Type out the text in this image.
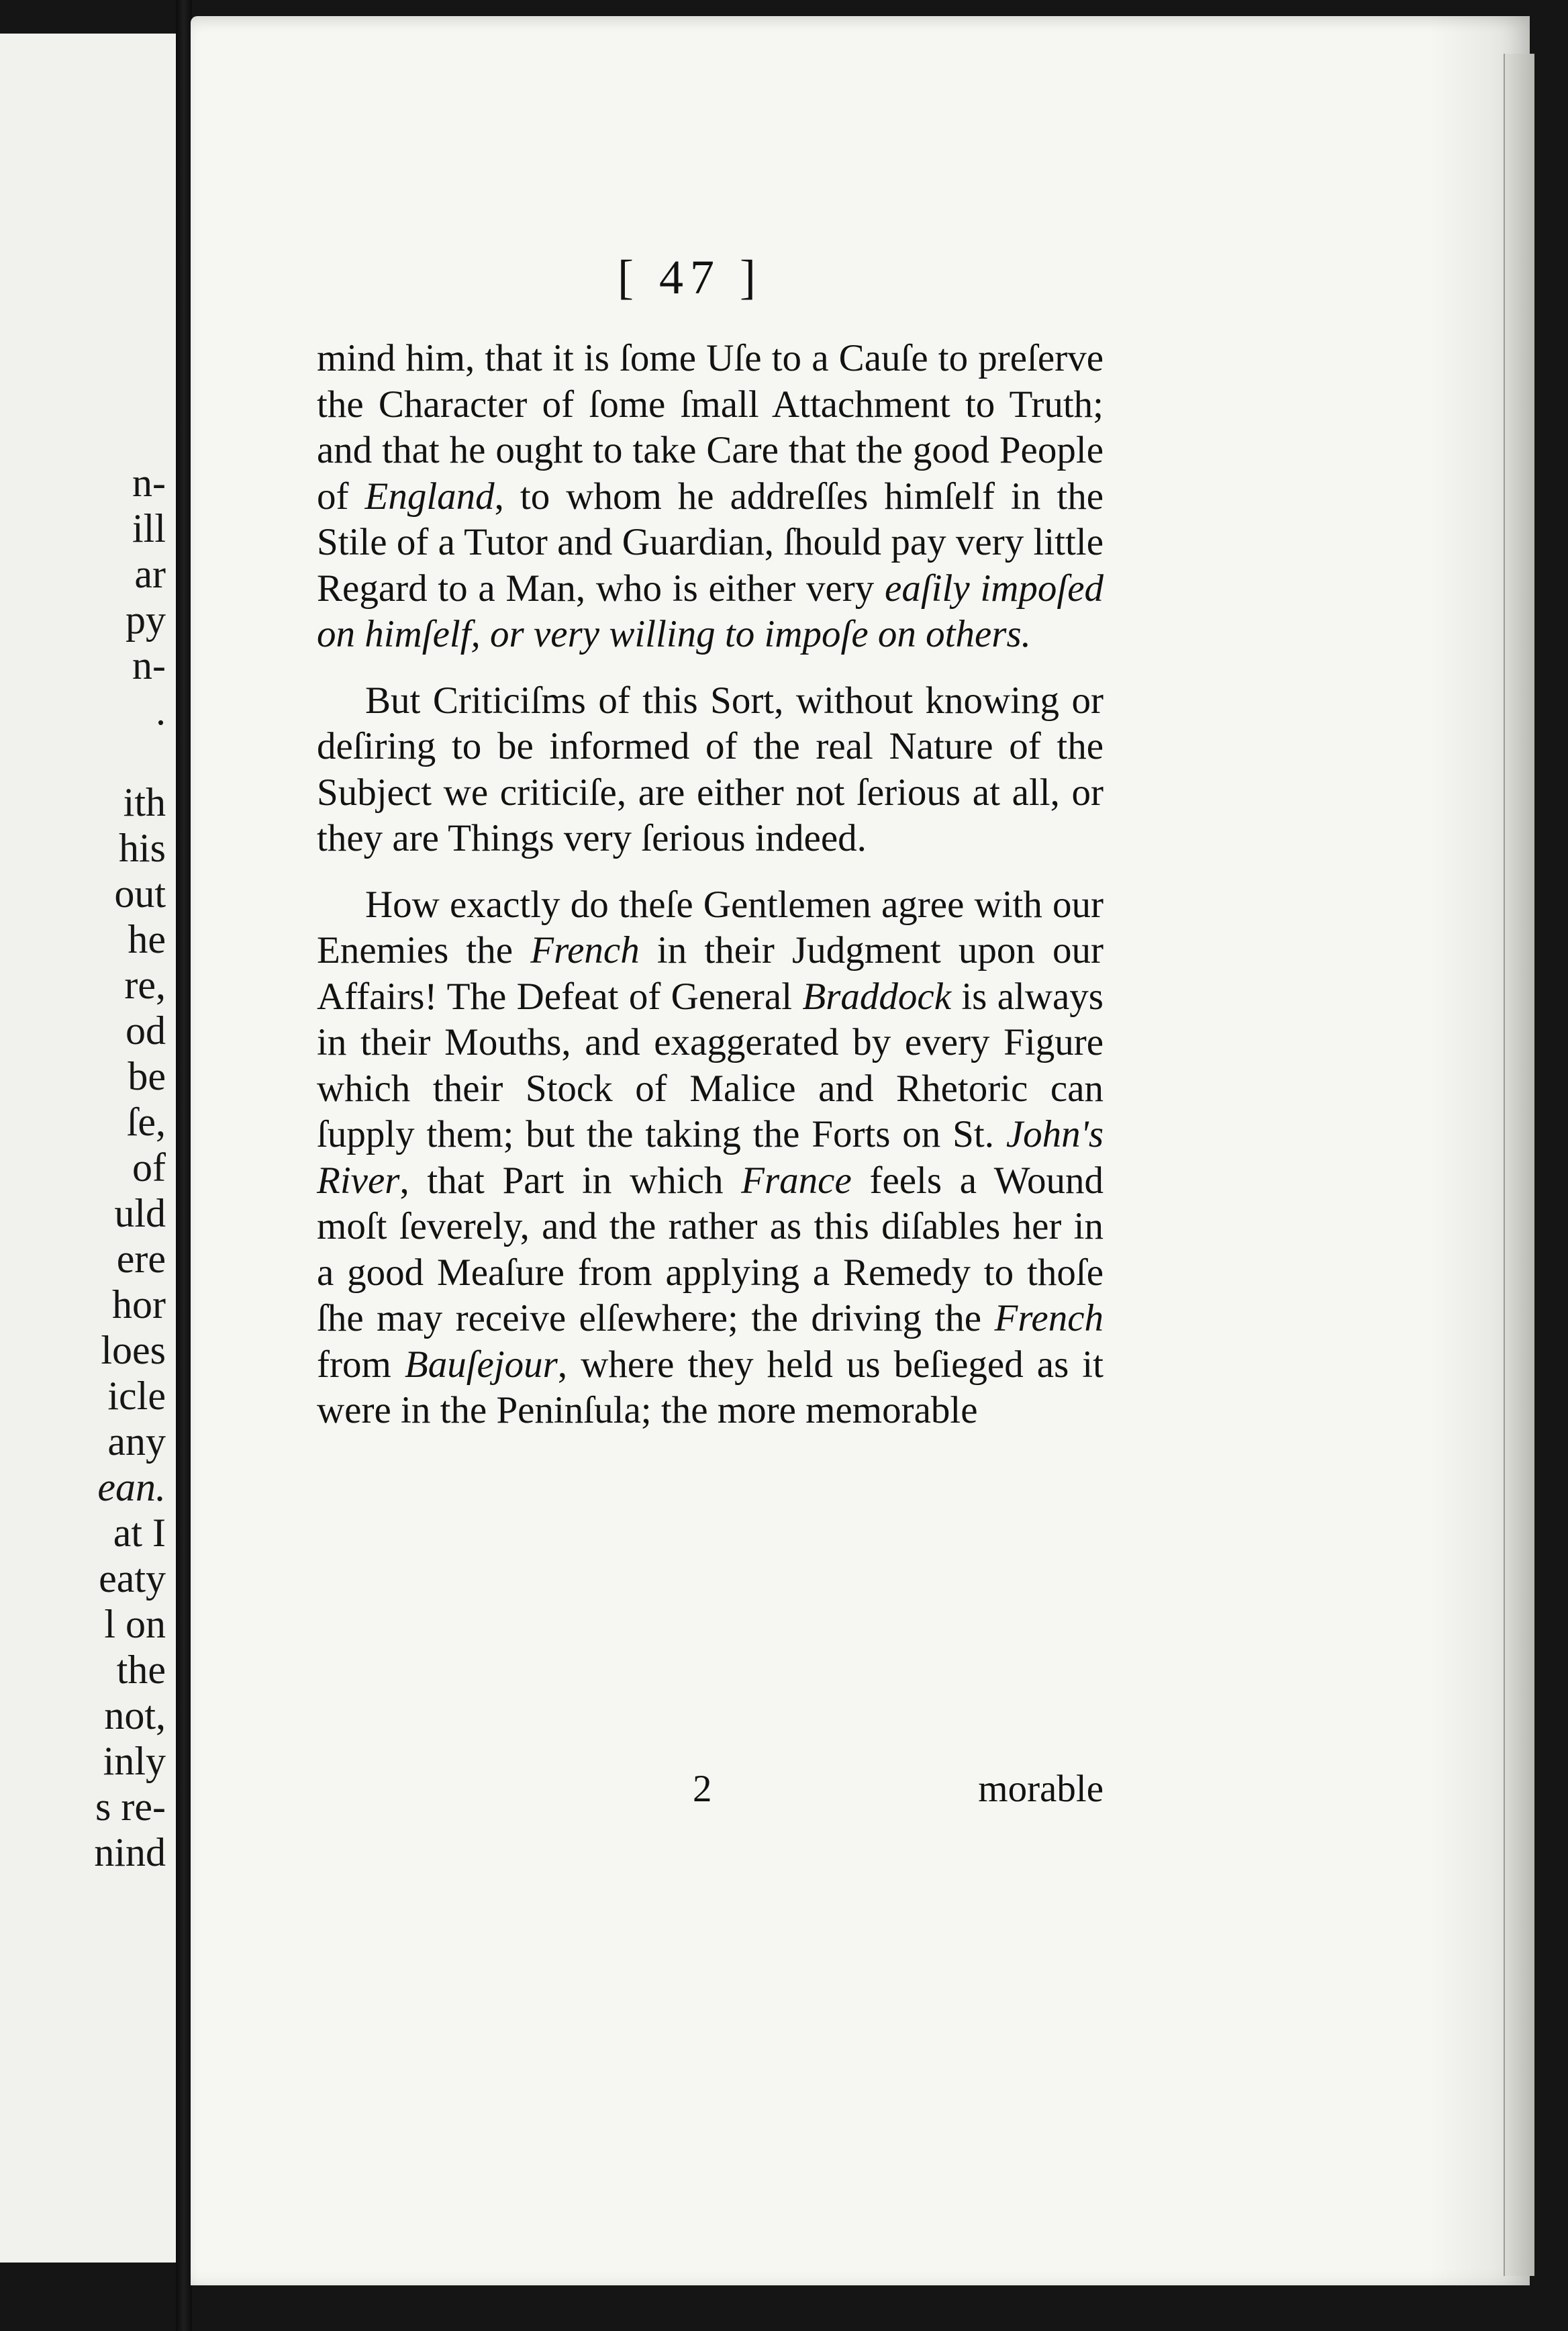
n-
ill
ar
py
n-
.
ith
his
out
he
re,
od
be
ſe,
of
uld
ere
hor
loes
icle
any
ean.
at I
eaty
l on
the
not,
inly
s re-
nind
[ 47 ]

mind him, that it is ſome Uſe to a Cauſe to preſerve the Character of ſome ſmall Attachment to Truth; and that he ought to take Care that the good People of England, to whom he addreſſes himſelf in the Stile of a Tutor and Guardian, ſhould pay very little Regard to a Man, who is either very eaſily impoſed on himſelf, or very willing to impoſe on others.

But Criticiſms of this Sort, without knowing or deſiring to be informed of the real Nature of the Subject we criticiſe, are either not ſerious at all, or they are Things very ſerious indeed.

How exactly do theſe Gentlemen agree with our Enemies the French in their Judgment upon our Affairs! The Defeat of General Braddock is always in their Mouths, and exaggerated by every Figure which their Stock of Malice and Rhetoric can ſupply them; but the taking the Forts on St. John's River, that Part in which France feels a Wound moſt ſeverely, and the rather as this diſables her in a good Meaſure from applying a Remedy to thoſe ſhe may receive elſewhere; the driving the French from Bauſejour, where they held us beſieged as it were in the Peninſula; the more memorable

2	morable
